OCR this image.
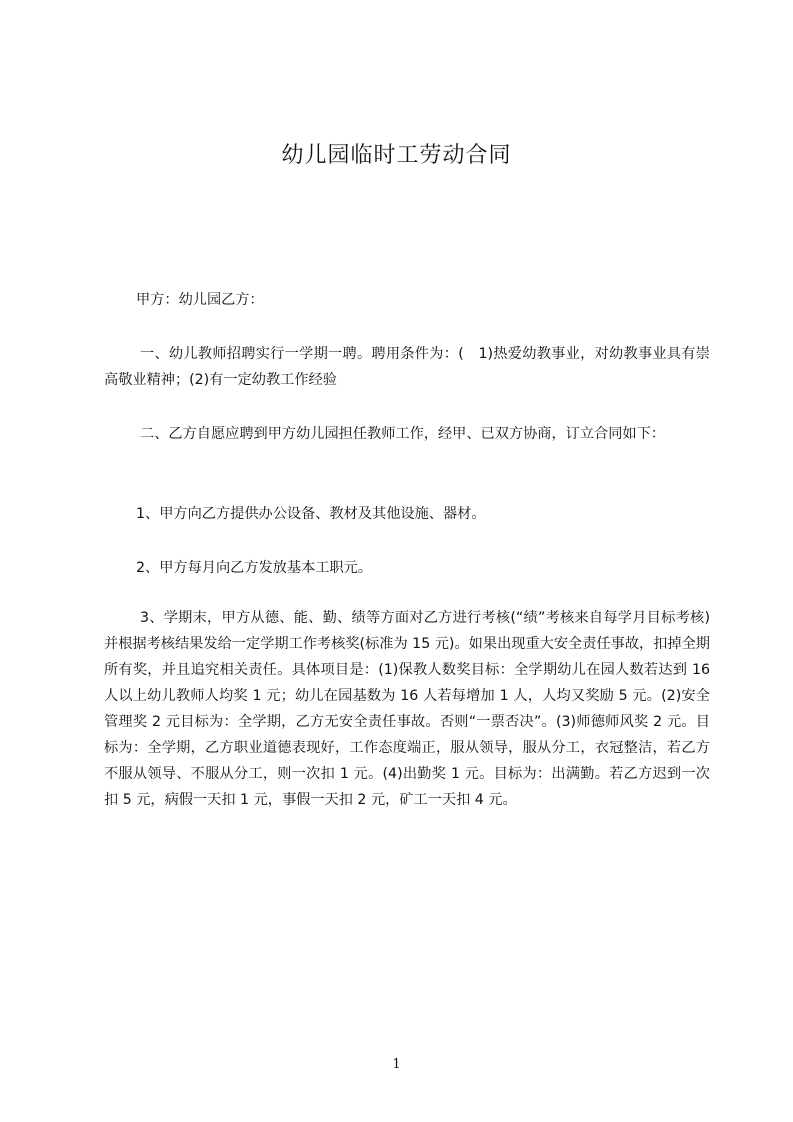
幼儿园临时工劳动合同
甲方：幼儿园乙方：
一、幼儿教师招聘实行一学期一聘。聘用条件为：(　1)热爱幼教事业，对幼教事业具有崇高敬业精神；(2)有一定幼教工作经验
二、乙方自愿应聘到甲方幼儿园担任教师工作，经甲、已双方协商，订立合同如下：
1、甲方向乙方提供办公设备、教材及其他设施、器材。
2、甲方每月向乙方发放基本工职元。
3、学期末，甲方从德、能、勤、绩等方面对乙方进行考核(“绩”考核来自每学月目标考核)并根据考核结果发给一定学期工作考核奖(标准为 15 元)。如果出现重大安全责任事故，扣掉全期所有奖，并且追究相关责任。具体项目是：(1)保教人数奖目标：全学期幼儿在园人数若达到 16 人以上幼儿教师人均奖 1 元；幼儿在园基数为 16 人若每增加 1 人，人均又奖励 5 元。(2)安全管理奖 2 元目标为：全学期，乙方无安全责任事故。否则“一票否决”。(3)师德师风奖 2 元。目标为：全学期，乙方职业道德表现好，工作态度端正，服从领导，服从分工，衣冠整洁，若乙方不服从领导、不服从分工，则一次扣 1 元。(4)出勤奖 1 元。目标为：出满勤。若乙方迟到一次扣 5 元，病假一天扣 1 元，事假一天扣 2 元，矿工一天扣 4 元。
1
